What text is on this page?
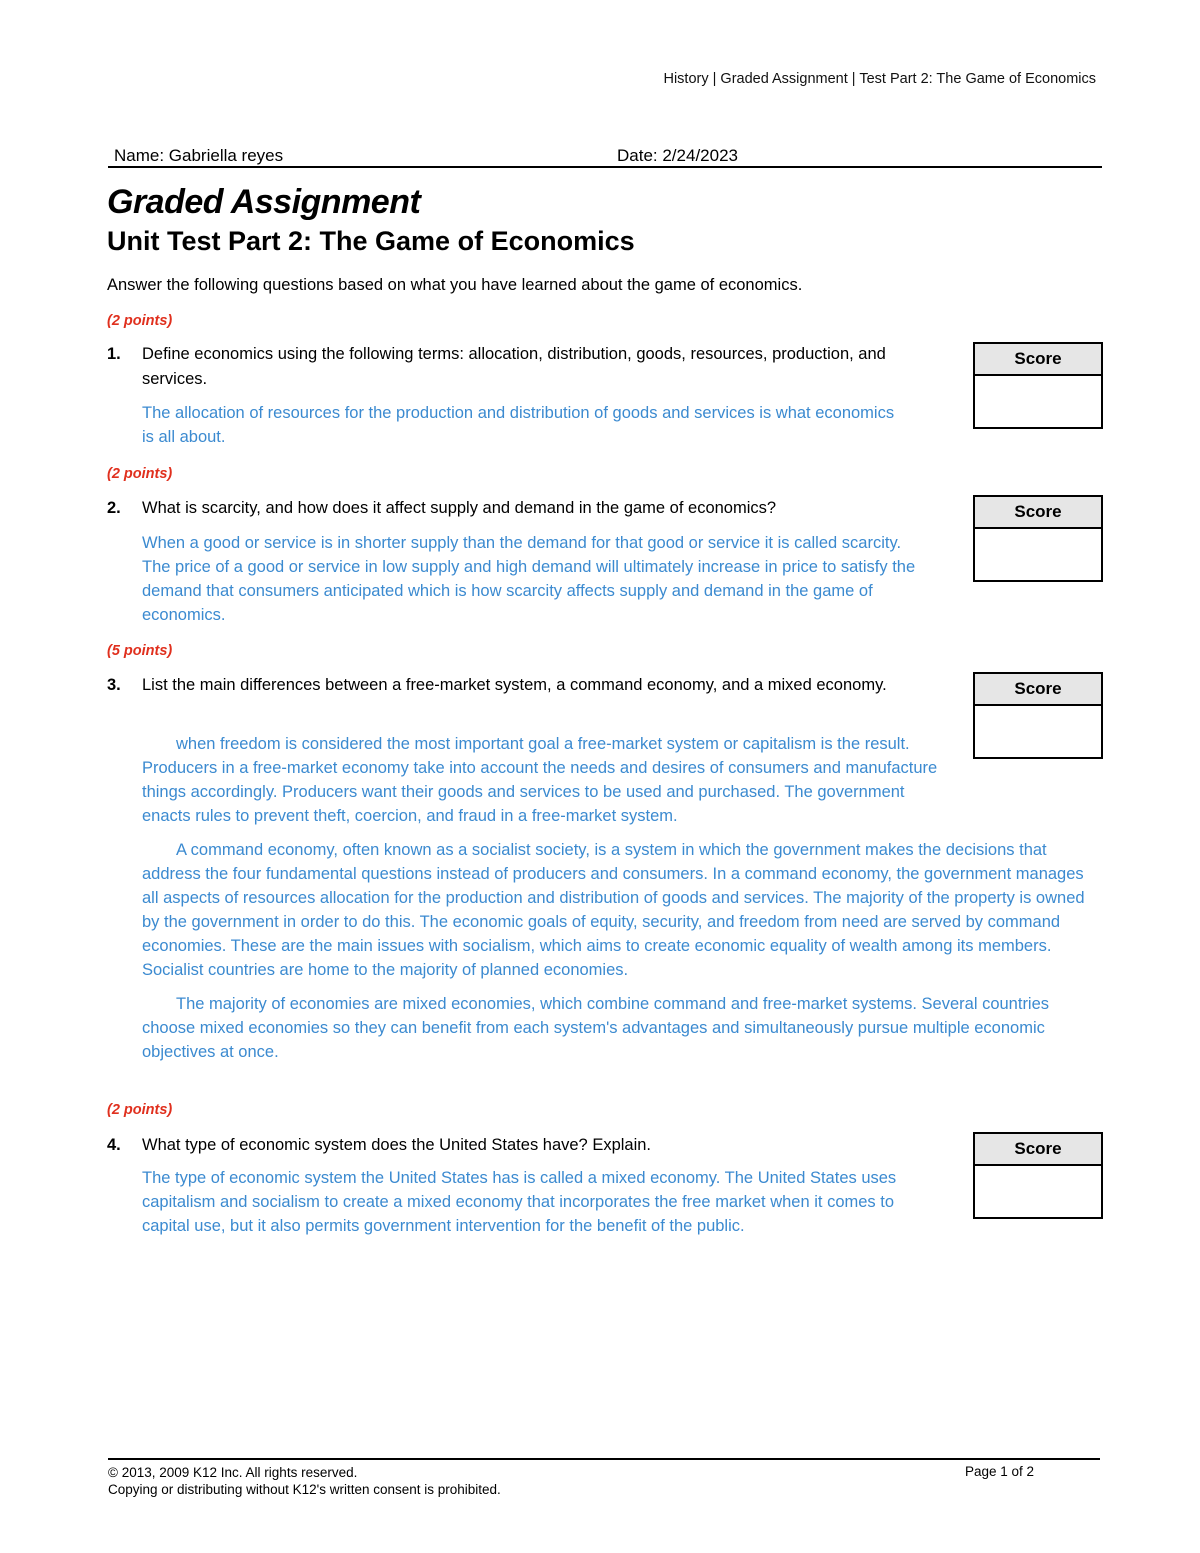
History | Graded Assignment | Test Part 2: The Game of Economics
Name: Gabriella reyes	Date: 2/24/2023
Graded Assignment
Unit Test Part 2: The Game of Economics
Answer the following questions based on what you have learned about the game of economics.
(2 points)
1. Define economics using the following terms: allocation, distribution, goods, resources, production, and services.

The allocation of resources for the production and distribution of goods and services is what economics is all about.

Score
(2 points)
2. What is scarcity, and how does it affect supply and demand in the game of economics?

When a good or service is in shorter supply than the demand for that good or service it is called scarcity. The price of a good or service in low supply and high demand will ultimately increase in price to satisfy the demand that consumers anticipated which is how scarcity affects supply and demand in the game of economics.

Score
(5 points)
3. List the main differences between a free-market system, a command economy, and a mixed economy.

when freedom is considered the most important goal a free-market system or capitalism is the result. Producers in a free-market economy take into account the needs and desires of consumers and manufacture things accordingly. Producers want their goods and services to be used and purchased. The government enacts rules to prevent theft, coercion, and fraud in a free-market system.

A command economy, often known as a socialist society, is a system in which the government makes the decisions that address the four fundamental questions instead of producers and consumers. In a command economy, the government manages all aspects of resources allocation for the production and distribution of goods and services. The majority of the property is owned by the government in order to do this. The economic goals of equity, security, and freedom from need are served by command economies. These are the main issues with socialism, which aims to create economic equality of wealth among its members. Socialist countries are home to the majority of planned economies.

The majority of economies are mixed economies, which combine command and free-market systems. Several countries choose mixed economies so they can benefit from each system's advantages and simultaneously pursue multiple economic objectives at once.

Score
(2 points)
4. What type of economic system does the United States have? Explain.

The type of economic system the United States has is called a mixed economy. The United States uses capitalism and socialism to create a mixed economy that incorporates the free market when it comes to capital use, but it also permits government intervention for the benefit of the public.

Score
© 2013, 2009 K12 Inc. All rights reserved.
Copying or distributing without K12's written consent is prohibited.
Page 1 of 2
